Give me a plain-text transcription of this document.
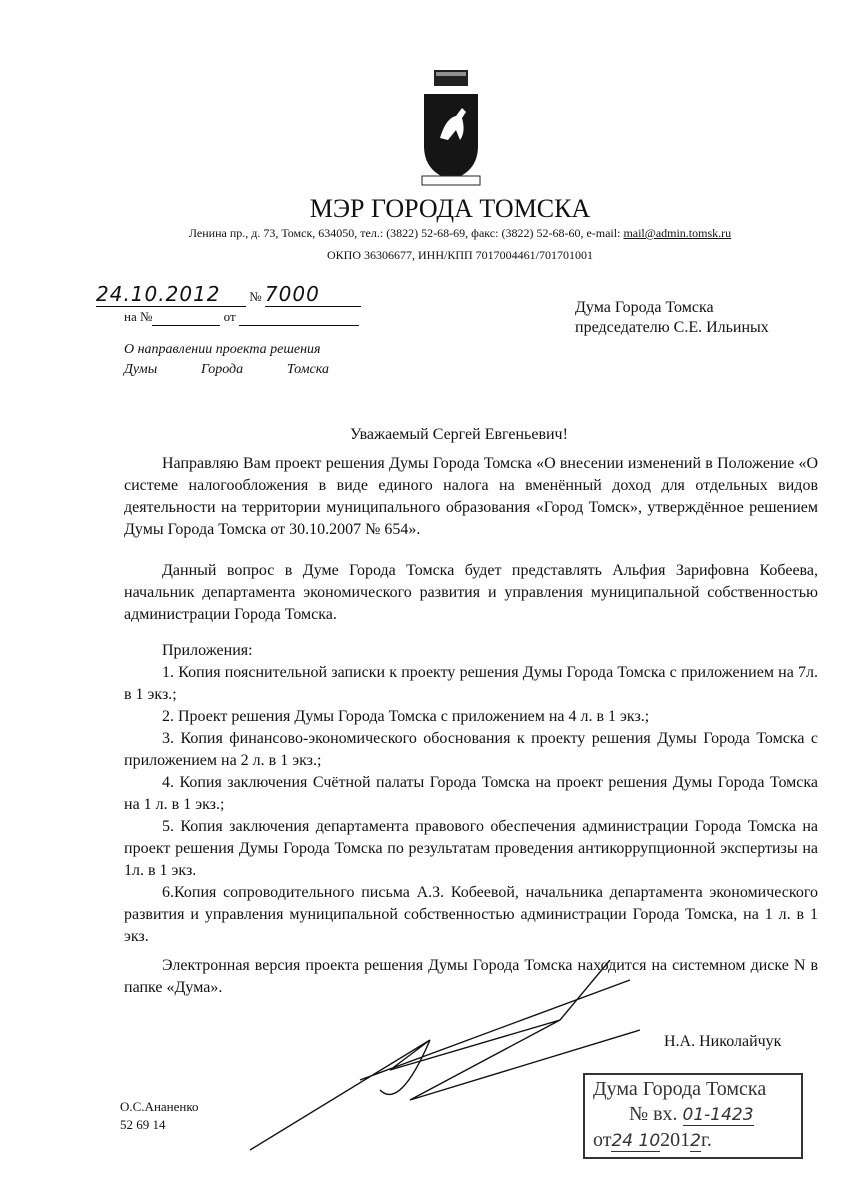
МЭР ГОРОДА ТОМСКА
Ленина пр., д. 73, Томск, 634050, тел.: (3822) 52-68-69, факс: (3822) 52-68-60, e-mail: mail@admin.tomsk.ru
ОКПО 36306677, ИНН/КПП 7017004461/701701001
24.10.2012 № 7000
на №	от
Дума Города Томска
председателю С.Е. Ильиных
О направлении проекта решения
Думы	Города	Томска
Уважаемый Сергей Евгеньевич!

Направляю Вам проект решения Думы Города Томска «О внесении изменений в Положение «О системе налогообложения в виде единого налога на вменённый доход для отдельных видов деятельности на территории муниципального образования «Город Томск», утверждённое решением Думы Города Томска от 30.10.2007 № 654».

Данный вопрос в Думе Города Томска будет представлять Альфия Зарифовна Кобеева, начальник департамента экономического развития и управления муниципальной собственностью администрации Города Томска.

Приложения:

1. Копия пояснительной записки к проекту решения Думы Города Томска с приложением на 7л. в 1 экз.;

2. Проект решения Думы Города Томска с приложением на 4 л. в 1 экз.;

3. Копия финансово-экономического обоснования к проекту решения Думы Города Томска с приложением на 2 л. в 1 экз.;

4. Копия заключения Счётной палаты Города Томска на проект решения Думы Города Томска на 1 л. в 1 экз.;

5. Копия заключения департамента правового обеспечения администрации Города Томска на проект решения Думы Города Томска по результатам проведения антикоррупционной экспертизы на 1л. в 1 экз.

6.Копия сопроводительного письма А.З. Кобеевой, начальника департамента экономического развития и управления муниципальной собственностью администрации Города Томска, на 1 л. в 1 экз.

Электронная версия проекта решения Думы Города Томска находится на системном диске N в папке «Дума».

Н.А. Николайчук
О.С.Ананенко
52 69 14
Дума Города Томска
№ вх. 01-1423
от24 102012г.
